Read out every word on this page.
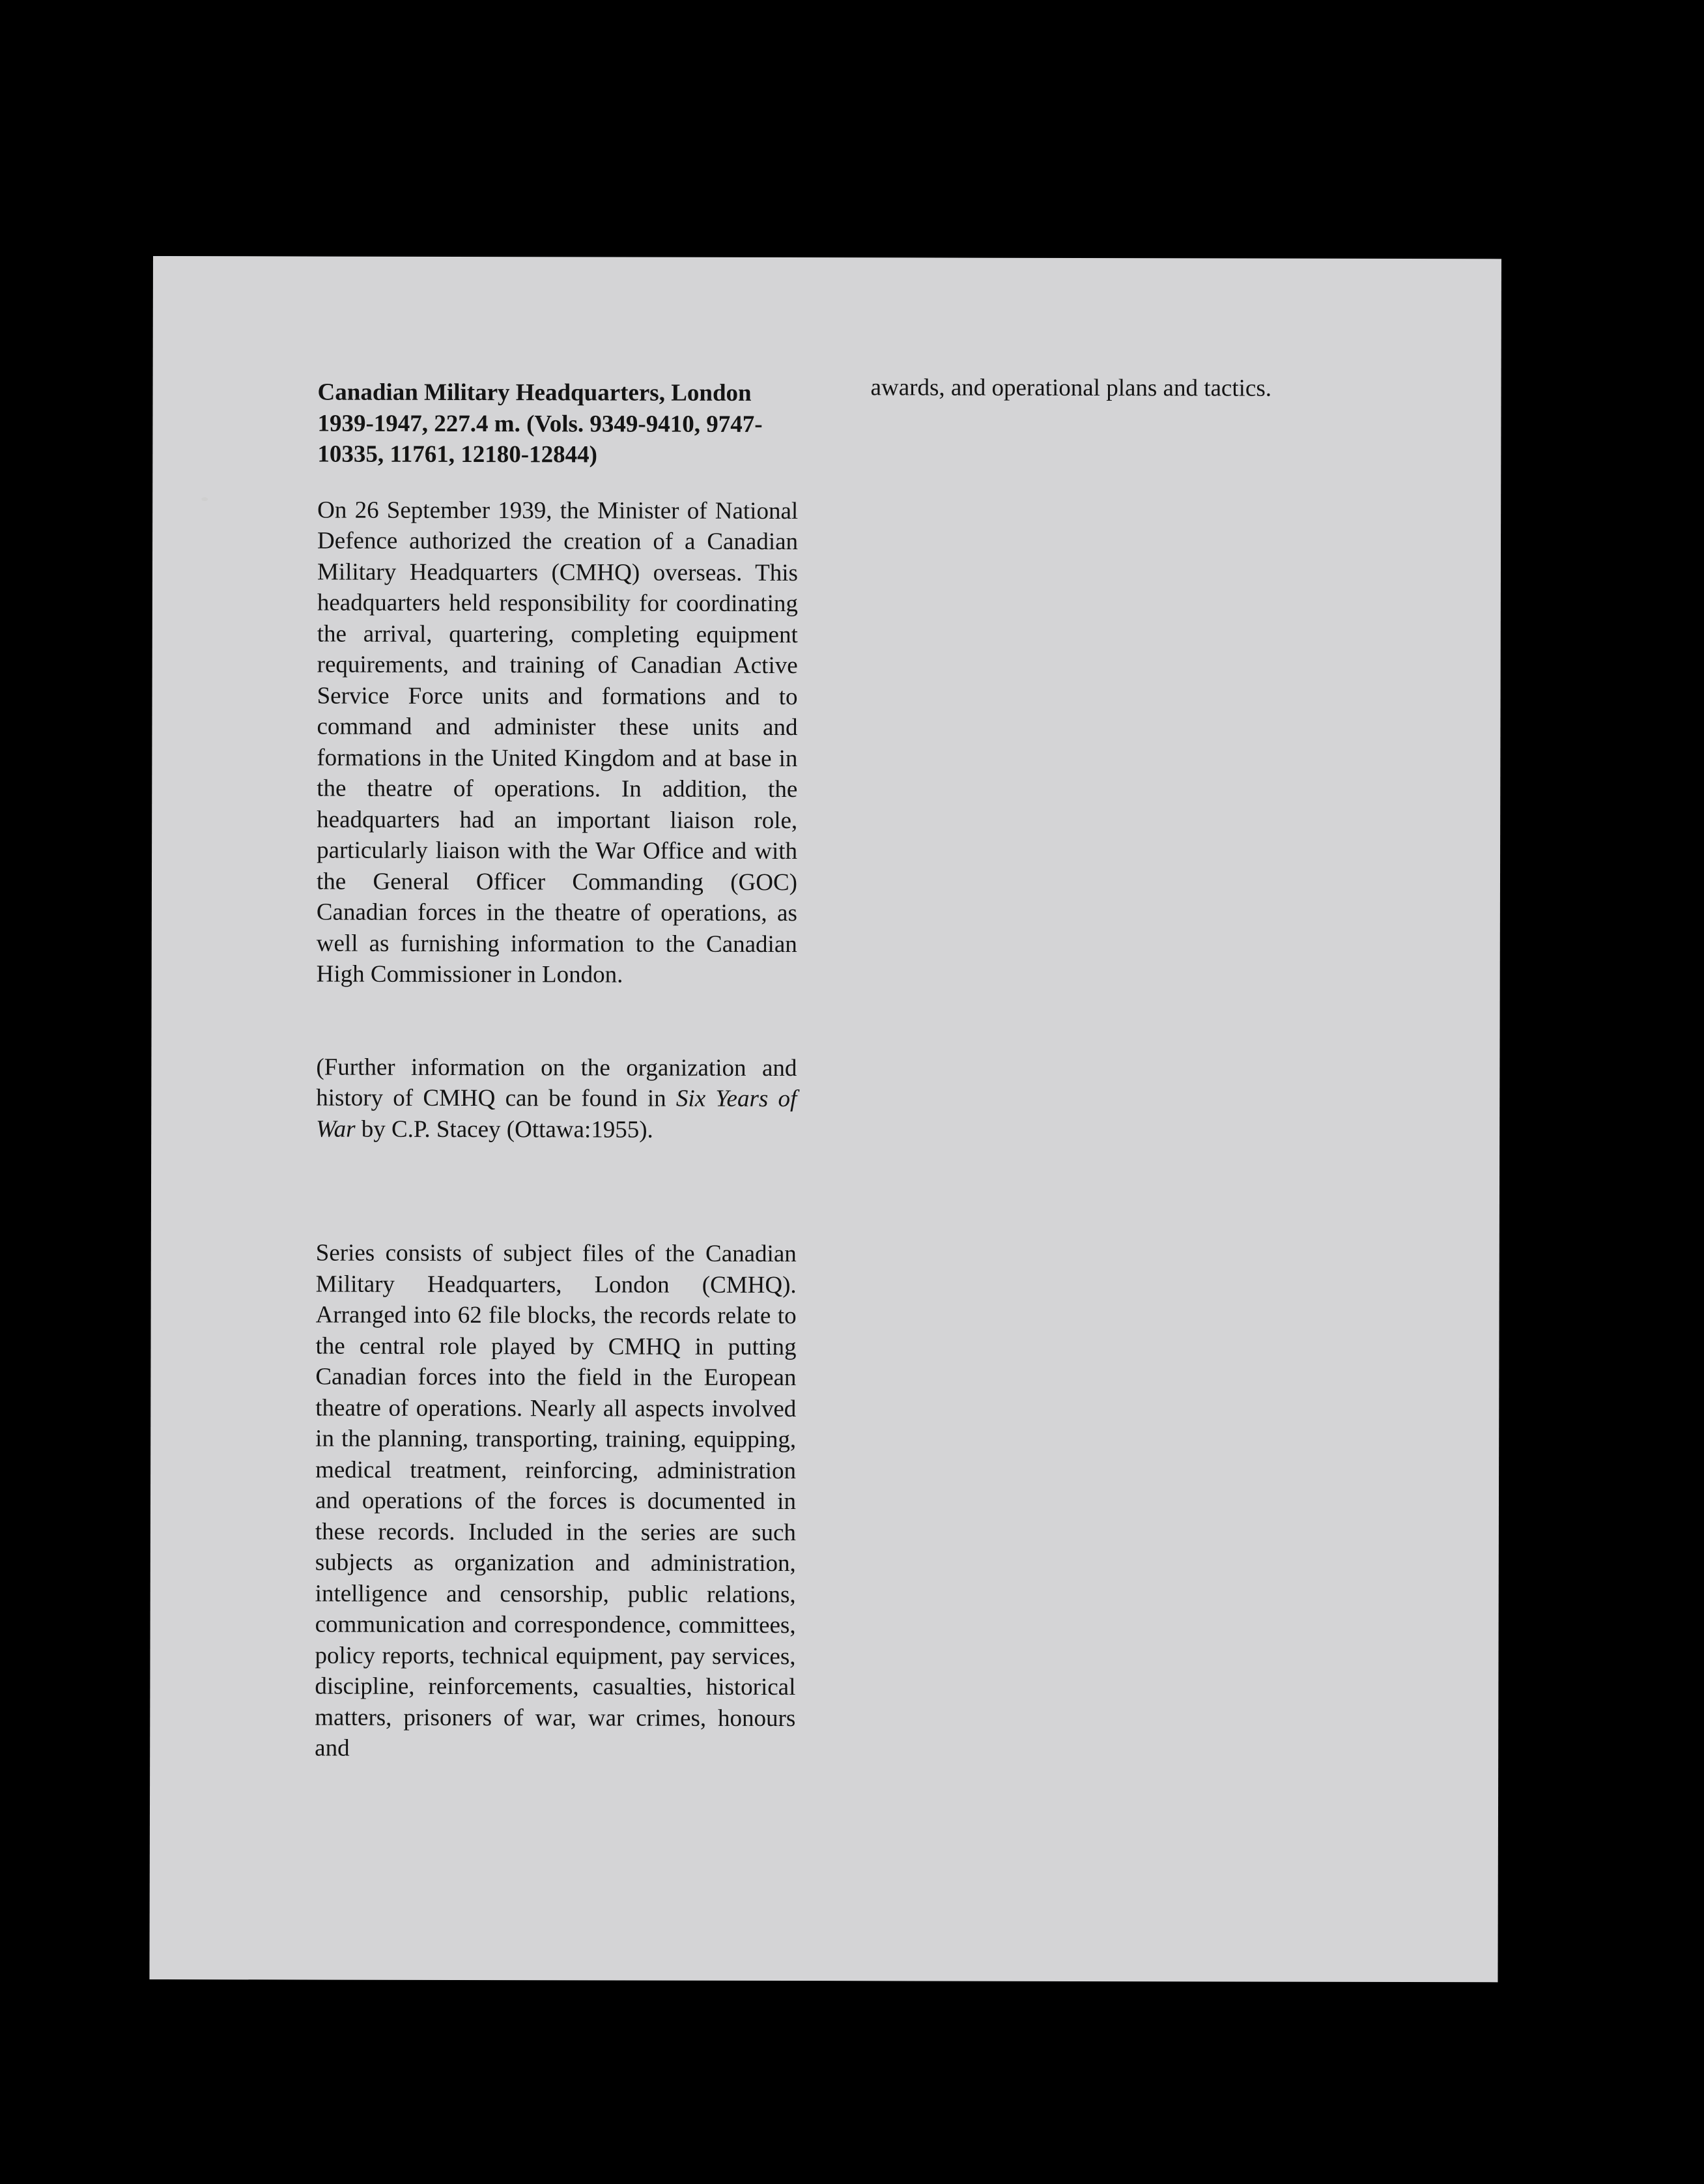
Canadian Military Headquarters, London
1939-1947, 227.4 m. (Vols. 9349-9410, 9747-
10335, 11761, 12180-12844)

On 26 September 1939, the Minister of National Defence authorized the creation of a Canadian Military Headquarters (CMHQ) overseas. This headquarters held responsibility for coordinating the arrival, quartering, completing equipment requirements, and training of Canadian Active Service Force units and formations and to command and administer these units and formations in the United Kingdom and at base in the theatre of operations. In addition, the headquarters had an important liaison role, particularly liaison with the War Office and with the General Officer Commanding (GOC) Canadian forces in the theatre of operations, as well as furnishing information to the Canadian High Commissioner in London.

(Further information on the organization and history of CMHQ can be found in Six Years of War by C.P. Stacey (Ottawa:1955).

Series consists of subject files of the Canadian Military Headquarters, London (CMHQ). Arranged into 62 file blocks, the records relate to the central role played by CMHQ in putting Canadian forces into the field in the European theatre of operations. Nearly all aspects involved in the planning, transporting, training, equipping, medical treatment, reinforcing, administration and operations of the forces is documented in these records. Included in the series are such subjects as organization and administration, intelligence and censorship, public relations, communication and correspondence, committees, policy reports, technical equipment, pay services, discipline, reinforcements, casualties, historical matters, prisoners of war, war crimes, honours and

awards, and operational plans and tactics.
